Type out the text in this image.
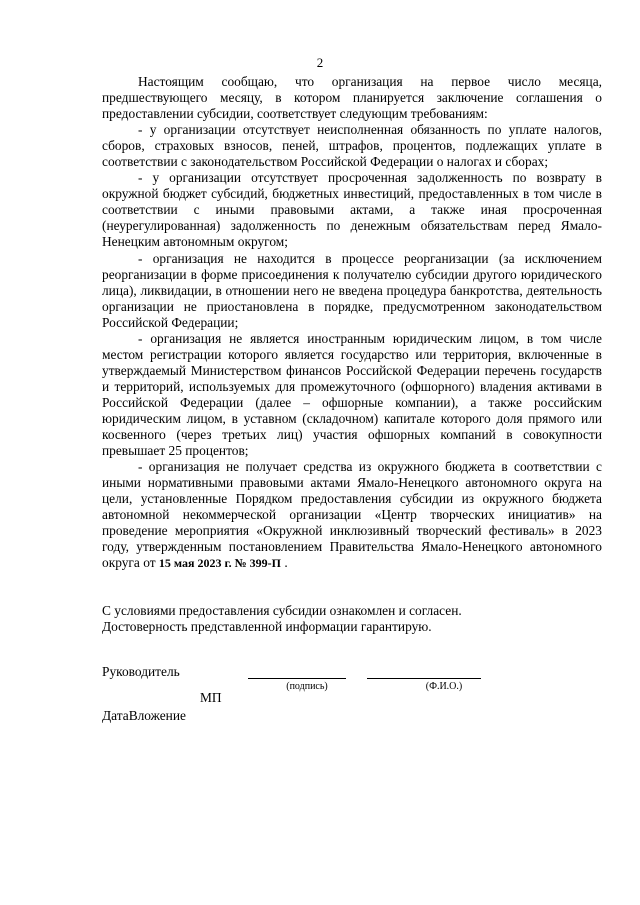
2

Настоящим сообщаю, что организация на первое число месяца, предшествующего месяцу, в котором планируется заключение соглашения о предоставлении субсидии, соответствует следующим требованиям:

- у организации отсутствует неисполненная обязанность по уплате налогов, сборов, страховых взносов, пеней, штрафов, процентов, подлежащих уплате в соответствии с законодательством Российской Федерации о налогах и сборах;

- у организации отсутствует просроченная задолженность по возврату в окружной бюджет субсидий, бюджетных инвестиций, предоставленных в том числе в соответствии с иными правовыми актами, а также иная просроченная (неурегулированная) задолженность по денежным обязательствам перед Ямало-Ненецким автономным округом;

- организация не находится в процессе реорганизации (за исключением реорганизации в форме присоединения к получателю субсидии другого юридического лица), ликвидации, в отношении него не введена процедура банкротства, деятельность организации не приостановлена в порядке, предусмотренном законодательством Российской Федерации;

- организация не является иностранным юридическим лицом, в том числе местом регистрации которого является государство или территория, включенные в утверждаемый Министерством финансов Российской Федерации перечень государств и территорий, используемых для промежуточного (офшорного) владения активами в Российской Федерации (далее – офшорные компании), а также российским юридическим лицом, в уставном (складочном) капитале которого доля прямого или косвенного (через третьих лиц) участия офшорных компаний в совокупности превышает 25 процентов;

- организация не получает средства из окружного бюджета в соответствии с иными нормативными правовыми актами Ямало-Ненецкого автономного округа на цели, установленные Порядком предоставления субсидии из окружного бюджета автономной некоммерческой организации «Центр творческих инициатив» на проведение мероприятия «Окружной инклюзивный творческий фестиваль» в 2023 году, утвержденным постановлением Правительства Ямало-Ненецкого автономного округа от 15 мая 2023 г. № 399-П .

С условиями предоставления субсидии ознакомлен и согласен.
Достоверность представленной информации гарантирую.
Руководитель
(подпись)	(Ф.И.О.)
МП
ДатаВложение
